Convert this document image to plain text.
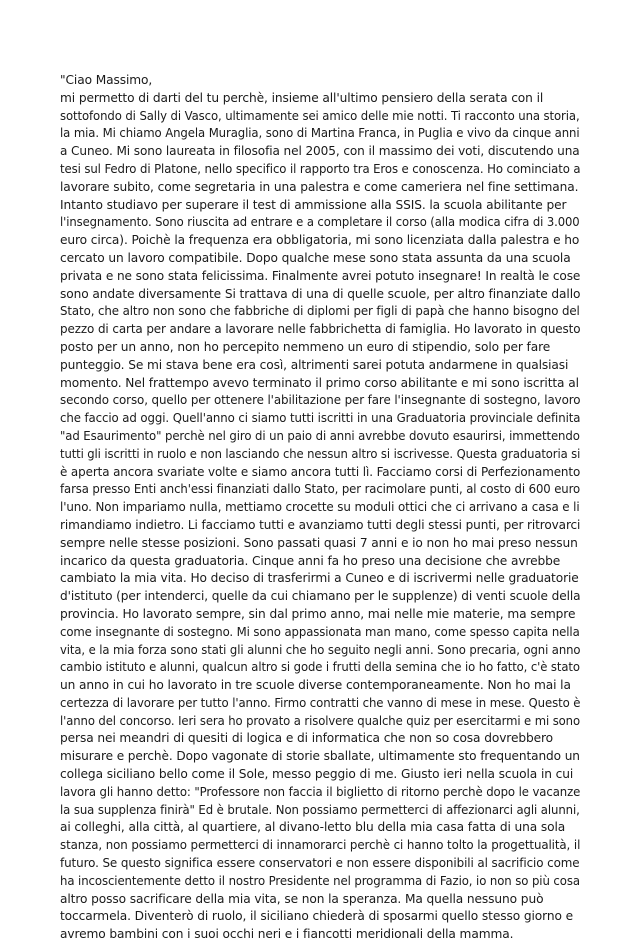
"Ciao Massimo,
mi permetto di darti del tu perchè, insieme all'ultimo pensiero della serata con il
sottofondo di Sally di Vasco, ultimamente sei amico delle mie notti. Ti racconto una storia,
la mia. Mi chiamo Angela Muraglia, sono di Martina Franca, in Puglia e vivo da cinque anni
a Cuneo. Mi sono laureata in filosofia nel 2005, con il massimo dei voti, discutendo una
tesi sul Fedro di Platone, nello specifico il rapporto tra Eros e conoscenza. Ho cominciato a
lavorare subito, come segretaria in una palestra e come cameriera nel fine settimana.
Intanto studiavo per superare il test di ammissione alla SSIS. la scuola abilitante per
l'insegnamento. Sono riuscita ad entrare e a completare il corso (alla modica cifra di 3.000
euro circa). Poichè la frequenza era obbligatoria, mi sono licenziata dalla palestra e ho
cercato un lavoro compatibile. Dopo qualche mese sono stata assunta da una scuola
privata e ne sono stata felicissima. Finalmente avrei potuto insegnare! In realtà le cose
sono andate diversamente Si trattava di una di quelle scuole, per altro finanziate dallo
Stato, che altro non sono che fabbriche di diplomi per figli di papà che hanno bisogno del
pezzo di carta per andare a lavorare nelle fabbrichetta di famiglia. Ho lavorato in questo
posto per un anno, non ho percepito nemmeno un euro di stipendio, solo per fare
punteggio. Se mi stava bene era così, altrimenti sarei potuta andarmene in qualsiasi
momento. Nel frattempo avevo terminato il primo corso abilitante e mi sono iscritta al
secondo corso, quello per ottenere l'abilitazione per fare l'insegnante di sostegno, lavoro
che faccio ad oggi. Quell'anno ci siamo tutti iscritti in una Graduatoria provinciale definita
"ad Esaurimento" perchè nel giro di un paio di anni avrebbe dovuto esaurirsi, immettendo
tutti gli iscritti in ruolo e non lasciando che nessun altro si iscrivesse. Questa graduatoria si
è aperta ancora svariate volte e siamo ancora tutti lì. Facciamo corsi di Perfezionamento
farsa presso Enti anch'essi finanziati dallo Stato, per racimolare punti, al costo di 600 euro
l'uno. Non impariamo nulla, mettiamo crocette su moduli ottici che ci arrivano a casa e li
rimandiamo indietro. Li facciamo tutti e avanziamo tutti degli stessi punti, per ritrovarci
sempre nelle stesse posizioni. Sono passati quasi 7 anni e io non ho mai preso nessun
incarico da questa graduatoria. Cinque anni fa ho preso una decisione che avrebbe
cambiato la mia vita. Ho deciso di trasferirmi a Cuneo e di iscrivermi nelle graduatorie
d'istituto (per intenderci, quelle da cui chiamano per le supplenze) di venti scuole della
provincia. Ho lavorato sempre, sin dal primo anno, mai nelle mie materie, ma sempre
come insegnante di sostegno. Mi sono appassionata man mano, come spesso capita nella
vita, e la mia forza sono stati gli alunni che ho seguito negli anni. Sono precaria, ogni anno
cambio istituto e alunni, qualcun altro si gode i frutti della semina che io ho fatto, c'è stato
un anno in cui ho lavorato in tre scuole diverse contemporaneamente. Non ho mai la
certezza di lavorare per tutto l'anno. Firmo contratti che vanno di mese in mese. Questo è
l'anno del concorso. Ieri sera ho provato a risolvere qualche quiz per esercitarmi e mi sono
persa nei meandri di quesiti di logica e di informatica che non so cosa dovrebbero
misurare e perchè. Dopo vagonate di storie sballate, ultimamente sto frequentando un
collega siciliano bello come il Sole, messo peggio di me. Giusto ieri nella scuola in cui
lavora gli hanno detto: "Professore non faccia il biglietto di ritorno perchè dopo le vacanze
la sua supplenza finirà" Ed è brutale. Non possiamo permetterci di affezionarci agli alunni,
ai colleghi, alla città, al quartiere, al divano-letto blu della mia casa fatta di una sola
stanza, non possiamo permetterci di innamorarci perchè ci hanno tolto la progettualità, il
futuro. Se questo significa essere conservatori e non essere disponibili al sacrificio come
ha incoscientemente detto il nostro Presidente nel programma di Fazio, io non so più cosa
altro posso sacrificare della mia vita, se non la speranza. Ma quella nessuno può
toccarmela. Diventerò di ruolo, il siciliano chiederà di sposarmi quello stesso giorno e
avremo bambini con i suoi occhi neri e i fiancotti meridionali della mamma.
